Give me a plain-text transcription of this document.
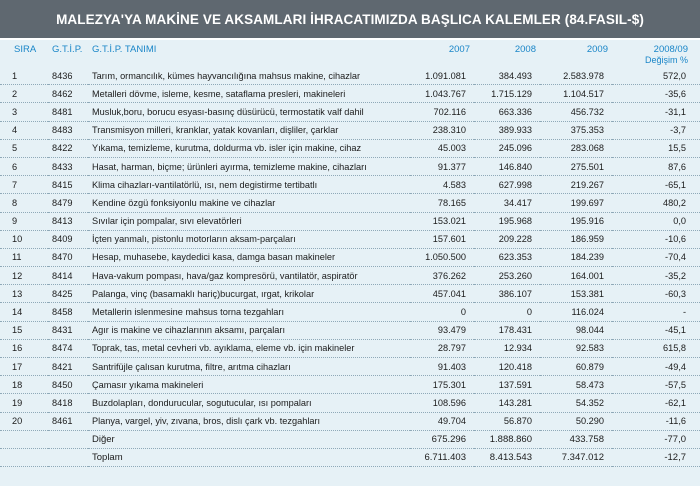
MALEZYA'YA MAKİNE VE AKSAMLARI İHRACATIMIZDA BAŞLICA KALEMLER (84.FASIL-$)
SIRA	G.T.İ.P.	G.T.İ.P. TANIMI	2007	2008	2009	2008/09
						Değişim %
1	8436	Tarım, ormancılık, kümes hayvancılığına mahsus makine, cihazlar	1.091.081	384.493	2.583.978	572,0
2	8462	Metalleri dövme, isleme, kesme, sataflama presleri, makineleri	1.043.767	1.715.129	1.104.517	-35,6
3	8481	Musluk,boru, borucu esyası-basınç düsürücü, termostatik valf dahil	702.116	663.336	456.732	-31,1
4	8483	Transmisyon milleri, kranklar, yatak kovanları, dişliler, çarklar	238.310	389.933	375.353	-3,7
5	8422	Yıkama, temizleme, kurutma, doldurma vb. isler için makine, cihaz	45.003	245.096	283.068	15,5
6	8433	Hasat, harman, biçme; ürünleri ayırma, temizleme makine, cihazları	91.377	146.840	275.501	87,6
7	8415	Klima cihazları-vantilatörlü, ısı, nem degistirme tertibatlı	4.583	627.998	219.267	-65,1
8	8479	Kendine özgü fonksiyonlu makine ve cihazlar	78.165	34.417	199.697	480,2
9	8413	Sıvılar için pompalar, sıvı elevatörleri	153.021	195.968	195.916	0,0
10	8409	İçten yanmalı, pistonlu motorların aksam-parçaları	157.601	209.228	186.959	-10,6
11	8470	Hesap, muhasebe, kaydedici kasa, damga basan makineler	1.050.500	623.353	184.239	-70,4
12	8414	Hava-vakum pompası, hava/gaz kompresörü, vantilatör, aspiratör	376.262	253.260	164.001	-35,2
13	8425	Palanga, vinç (basamaklı hariç)bucurgat, ırgat, krikolar	457.041	386.107	153.381	-60,3
14	8458	Metallerin islenmesine mahsus torna tezgahları	0	0	116.024	-
15	8431	Agır is makine ve cihazlarının aksamı, parçaları	93.479	178.431	98.044	-45,1
16	8474	Toprak, tas, metal cevheri vb. ayıklama, eleme vb. için makineler	28.797	12.934	92.583	615,8
17	8421	Santrifüjle çalısan kurutma, filtre, arıtma cihazları	91.403	120.418	60.879	-49,4
18	8450	Çamasır yıkama makineleri	175.301	137.591	58.473	-57,5
19	8418	Buzdolapları, dondurucular, sogutucular, ısı pompaları	108.596	143.281	54.352	-62,1
20	8461	Planya, vargel, yiv, zıvana, bros, dislı çark vb. tezgahları	49.704	56.870	50.290	-11,6
		Diğer	675.296	1.888.860	433.758	-77,0
		Toplam	6.711.403	8.413.543	7.347.012	-12,7
